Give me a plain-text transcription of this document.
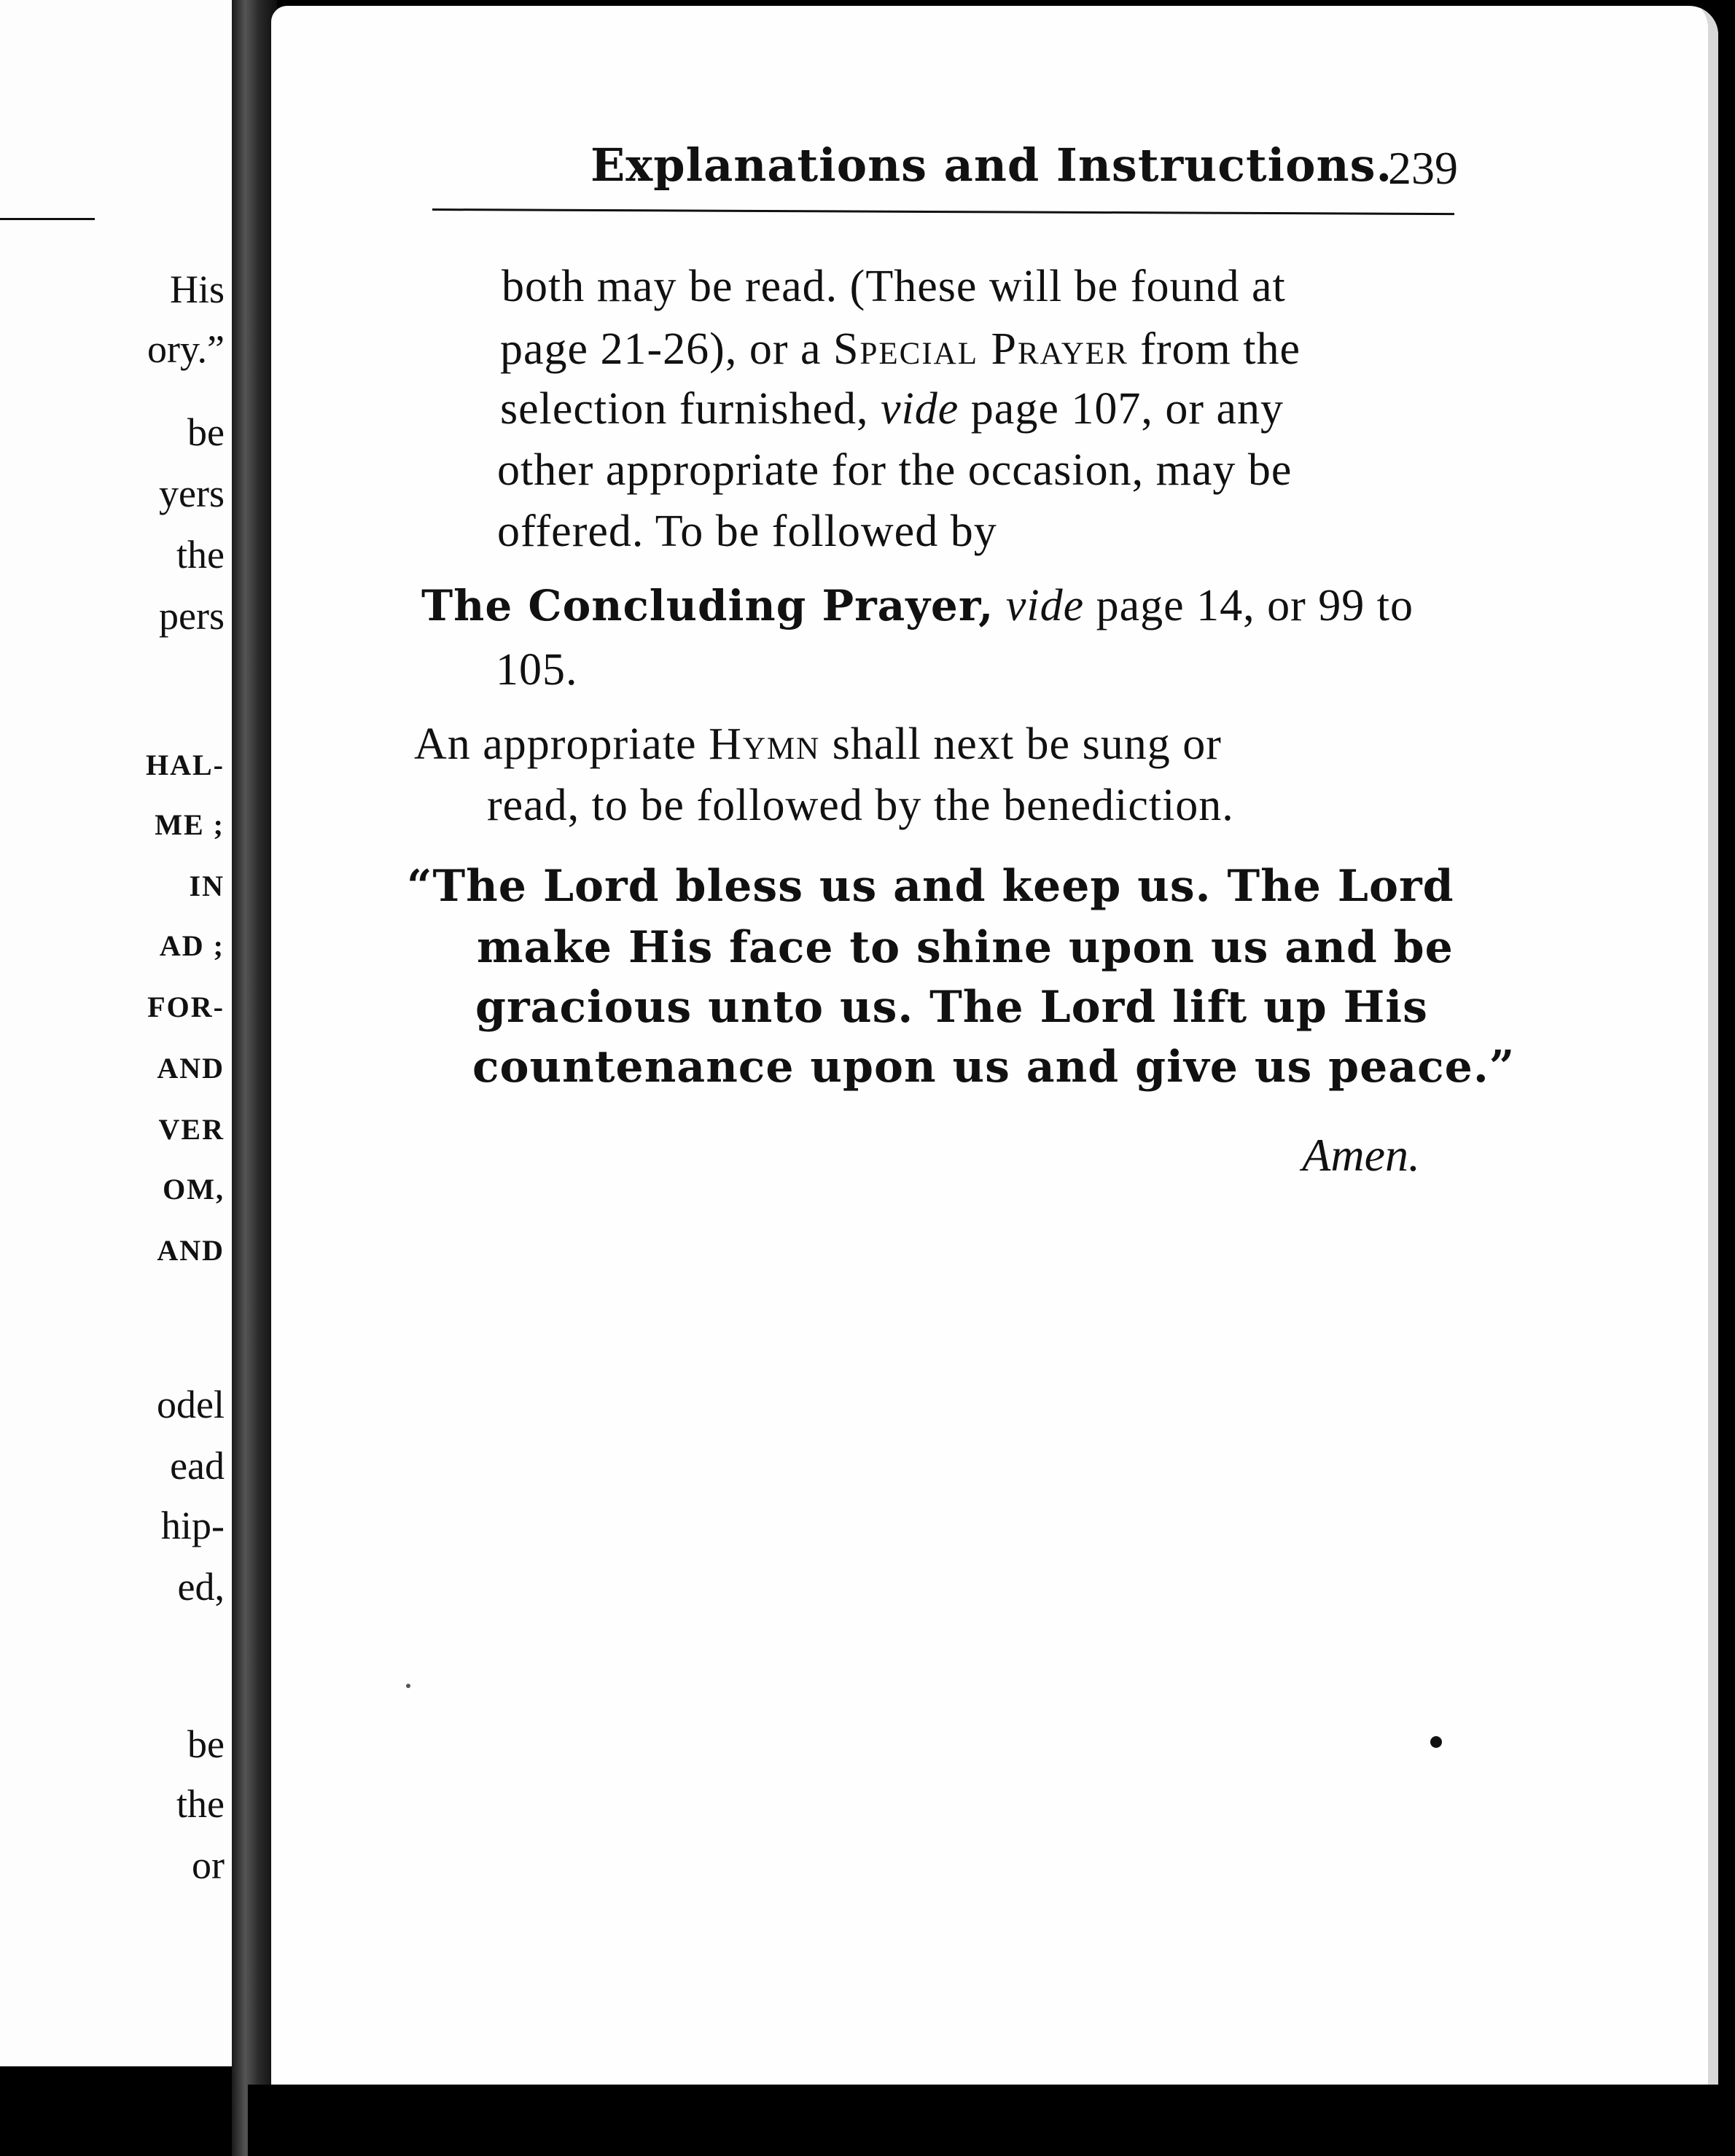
His
ory.”
be
yers
the
pers
HAL-
ME ;
IN
AD ;
FOR-
AND
VER
OM,
AND
odel
ead
hip-
ed,
be
the
or
Explanations and Instructions.
239
both may be read. (These will be found at
page 21-26), or a Special Prayer from the
selection furnished, vide page 107, or any
other appropriate for the occasion, may be
offered. To be followed by
The Concluding Prayer, vide page 14, or 99 to
105.
An appropriate Hymn shall next be sung or
read, to be followed by the benediction.
“The Lord bless us and keep us. The Lord
make His face to shine upon us and be
gracious unto us. The Lord lift up His
countenance upon us and give us peace.”
Amen.
